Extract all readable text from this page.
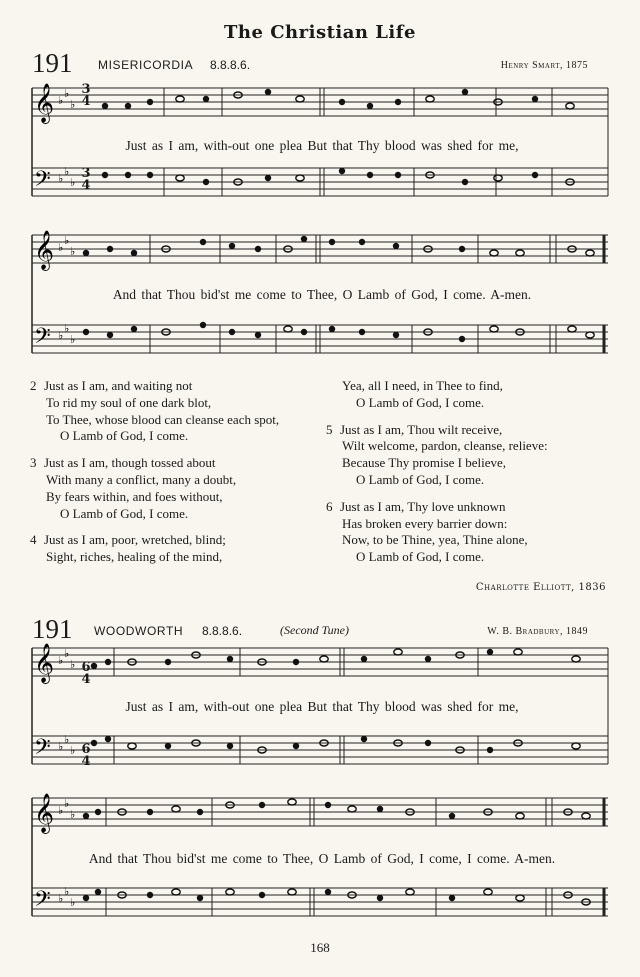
The Christian Life
191 MISERICORDIA 8.8.8.6.	Henry Smart, 1875
𝄞
𝄢
♭
♭
♭
♭
♭
♭
3
4
3
4
Just as I am, with-out one plea But that Thy blood was shed for me,
𝄞
𝄢
♭
♭
♭
♭
♭
♭
And that Thou bid'st me come to Thee, O Lamb of God, I come. A-men.
2 Just as I am, and waiting not
To rid my soul of one dark blot,
To Thee, whose blood can cleanse each spot,
O Lamb of God, I come.
3 Just as I am, though tossed about
With many a conflict, many a doubt,
By fears within, and foes without,
O Lamb of God, I come.
4 Just as I am, poor, wretched, blind;
Sight, riches, healing of the mind,
Yea, all I need, in Thee to find,
O Lamb of God, I come.
5 Just as I am, Thou wilt receive,
Wilt welcome, pardon, cleanse, relieve:
Because Thy promise I believe,
O Lamb of God, I come.
6 Just as I am, Thy love unknown
Has broken every barrier down:
Now, to be Thine, yea, Thine alone,
O Lamb of God, I come.
Charlotte Elliott, 1836
191 WOODWORTH 8.8.8.6.	(Second Tune)	W. B. Bradbury, 1849
𝄞
𝄢
♭
♭
♭
♭
♭
♭
6
4
6
4
Just as I am, with-out one plea But that Thy blood was shed for me,
𝄞
𝄢
♭
♭
♭
♭
♭
♭
And that Thou bid'st me come to Thee, O Lamb of God, I come, I come. A-men.
168
